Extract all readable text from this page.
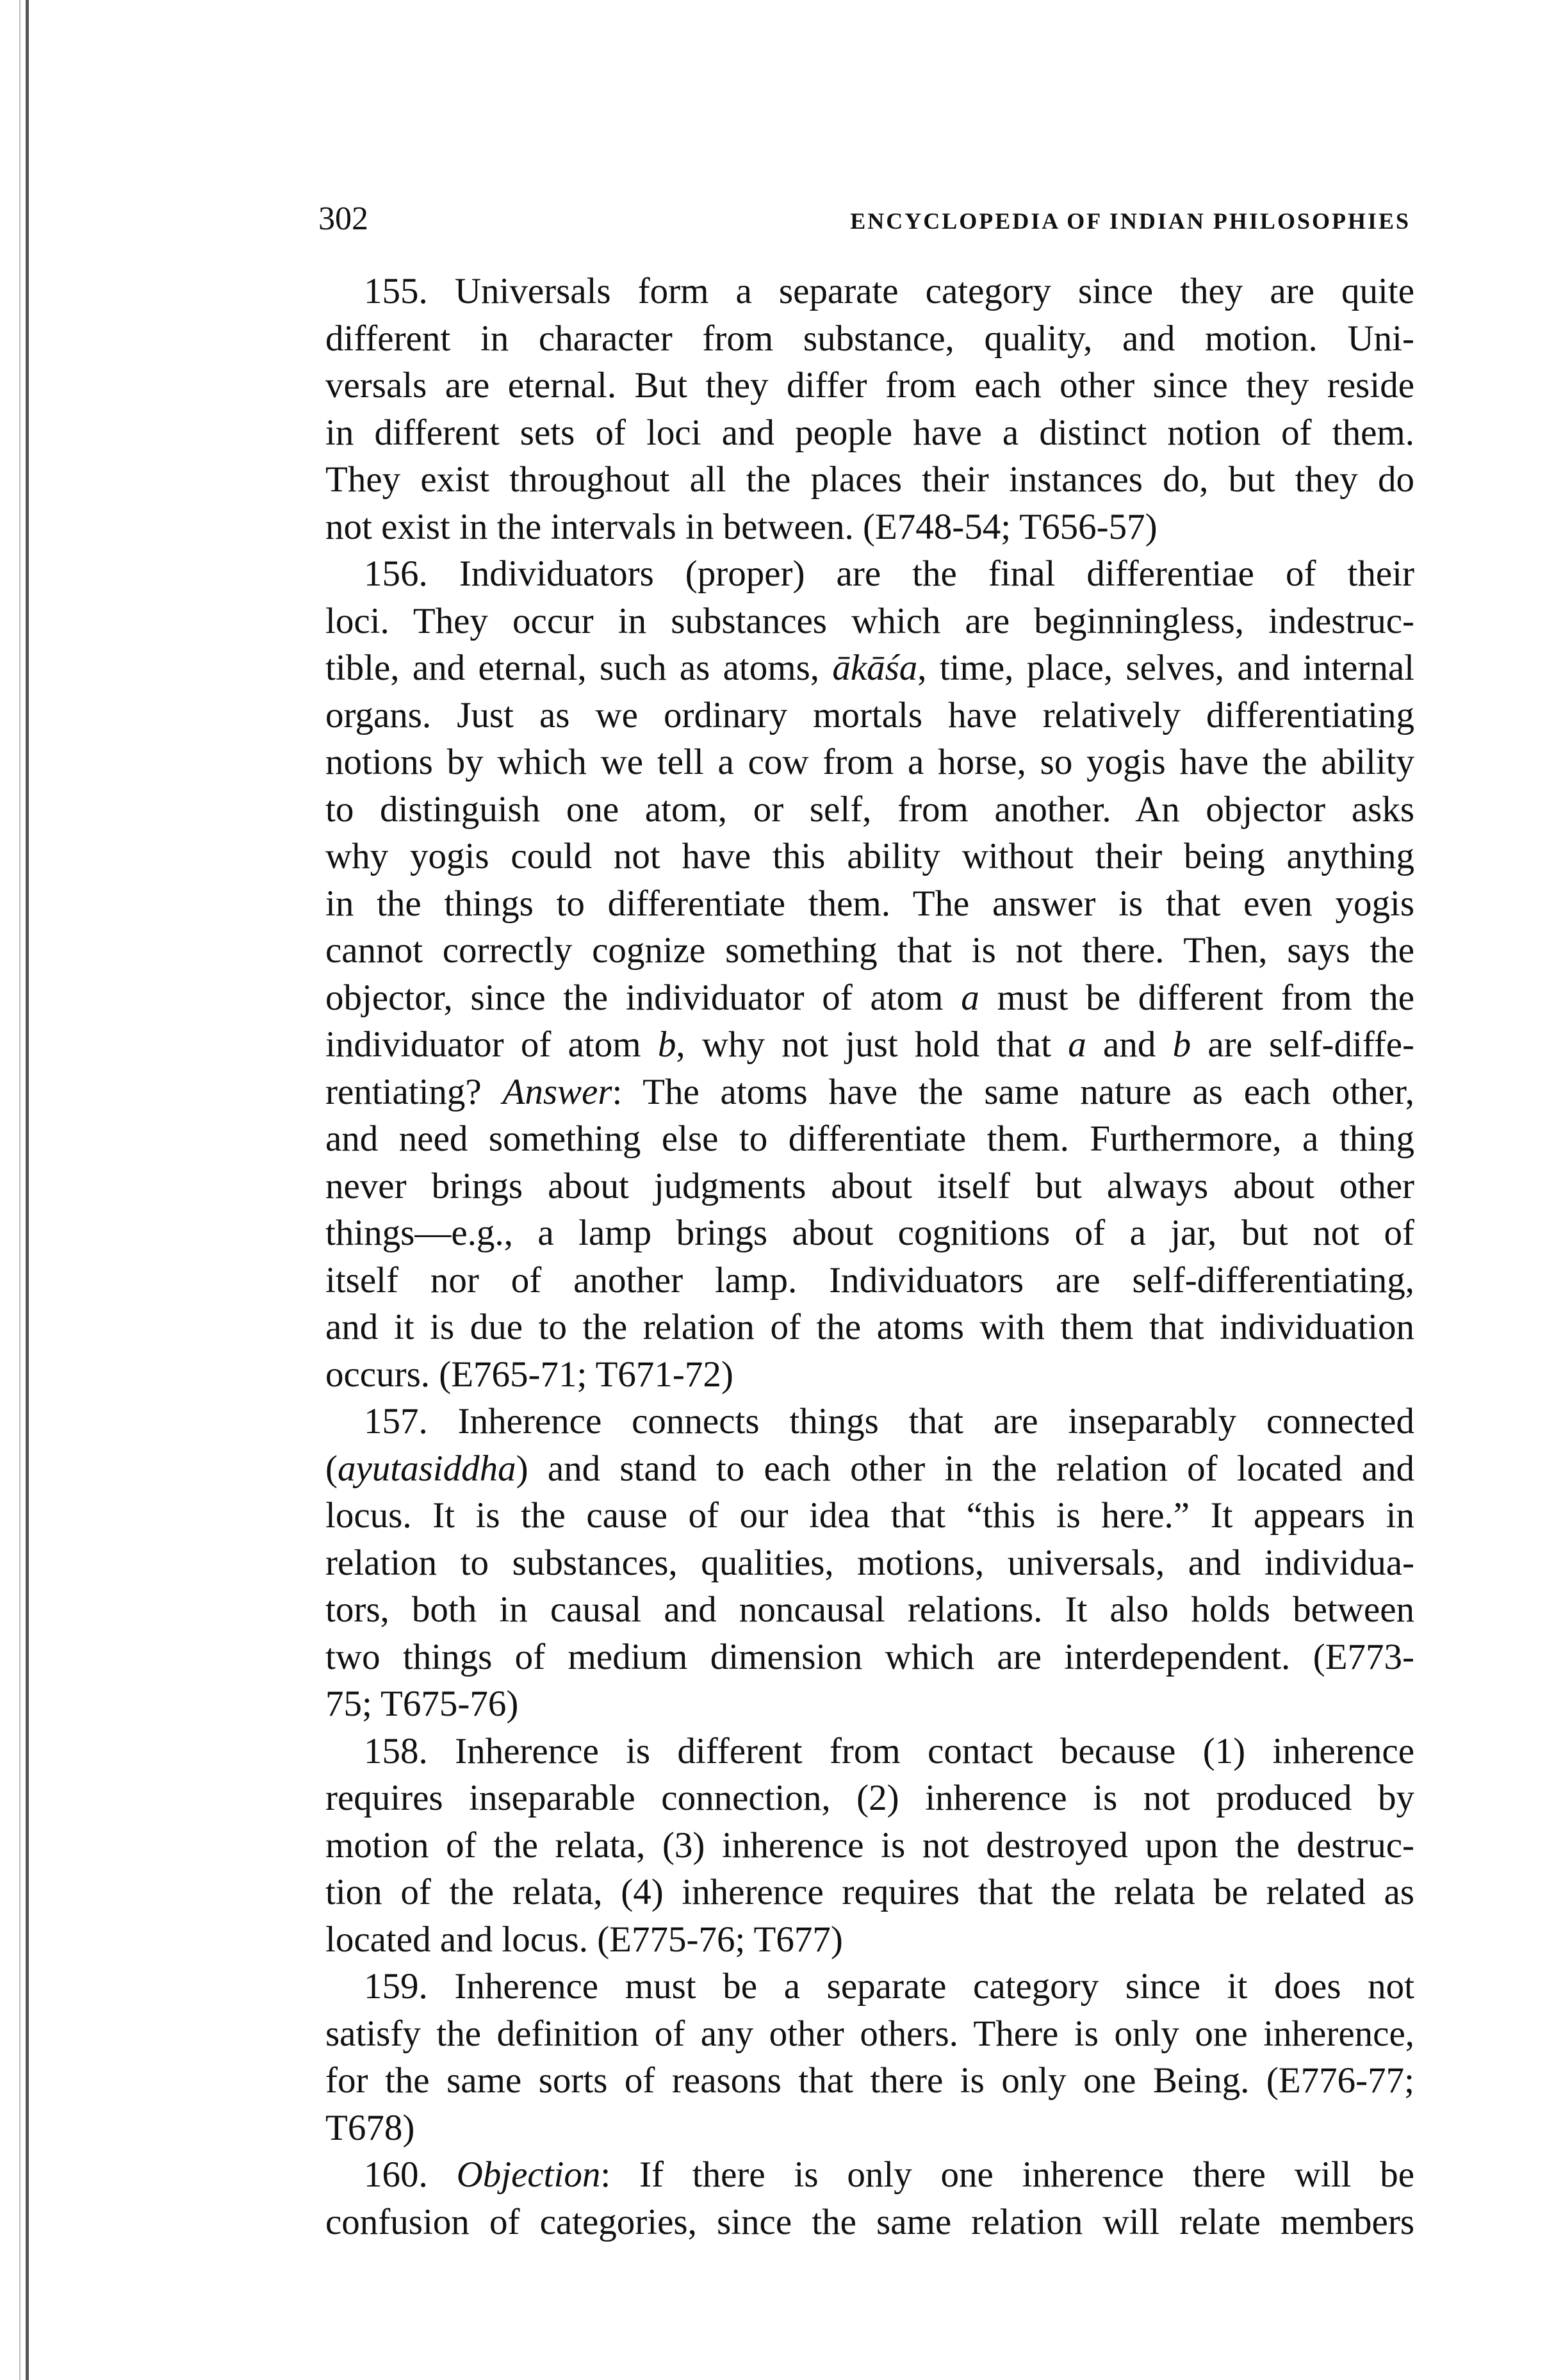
302	ENCYCLOPEDIA OF INDIAN PHILOSOPHIES
155. Universals form a separate category since they are quite
different in character from substance, quality, and motion. Uni-
versals are eternal. But they differ from each other since they reside
in different sets of loci and people have a distinct notion of them.
They exist throughout all the places their instances do, but they do
not exist in the intervals in between. (E748-54; T656-57)
156. Individuators (proper) are the final differentiae of their
loci. They occur in substances which are beginningless, indestruc-
tible, and eternal, such as atoms, ākāśa, time, place, selves, and internal
organs. Just as we ordinary mortals have relatively differentiating
notions by which we tell a cow from a horse, so yogis have the ability
to distinguish one atom, or self, from another. An objector asks
why yogis could not have this ability without their being anything
in the things to differentiate them. The answer is that even yogis
cannot correctly cognize something that is not there. Then, says the
objector, since the individuator of atom a must be different from the
individuator of atom b, why not just hold that a and b are self-diffe-
rentiating? Answer: The atoms have the same nature as each other,
and need something else to differentiate them. Furthermore, a thing
never brings about judgments about itself but always about other
things—e.g., a lamp brings about cognitions of a jar, but not of
itself nor of another lamp. Individuators are self-differentiating,
and it is due to the relation of the atoms with them that individuation
occurs. (E765-71; T671-72)
157. Inherence connects things that are inseparably connected
(ayutasiddha) and stand to each other in the relation of located and
locus. It is the cause of our idea that “this is here.” It appears in
relation to substances, qualities, motions, universals, and individua-
tors, both in causal and noncausal relations. It also holds between
two things of medium dimension which are interdependent. (E773-
75; T675-76)
158. Inherence is different from contact because (1) inherence
requires inseparable connection, (2) inherence is not produced by
motion of the relata, (3) inherence is not destroyed upon the destruc-
tion of the relata, (4) inherence requires that the relata be related as
located and locus. (E775-76; T677)
159. Inherence must be a separate category since it does not
satisfy the definition of any other others. There is only one inherence,
for the same sorts of reasons that there is only one Being. (E776-77;
T678)
160. Objection: If there is only one inherence there will be
confusion of categories, since the same relation will relate members
